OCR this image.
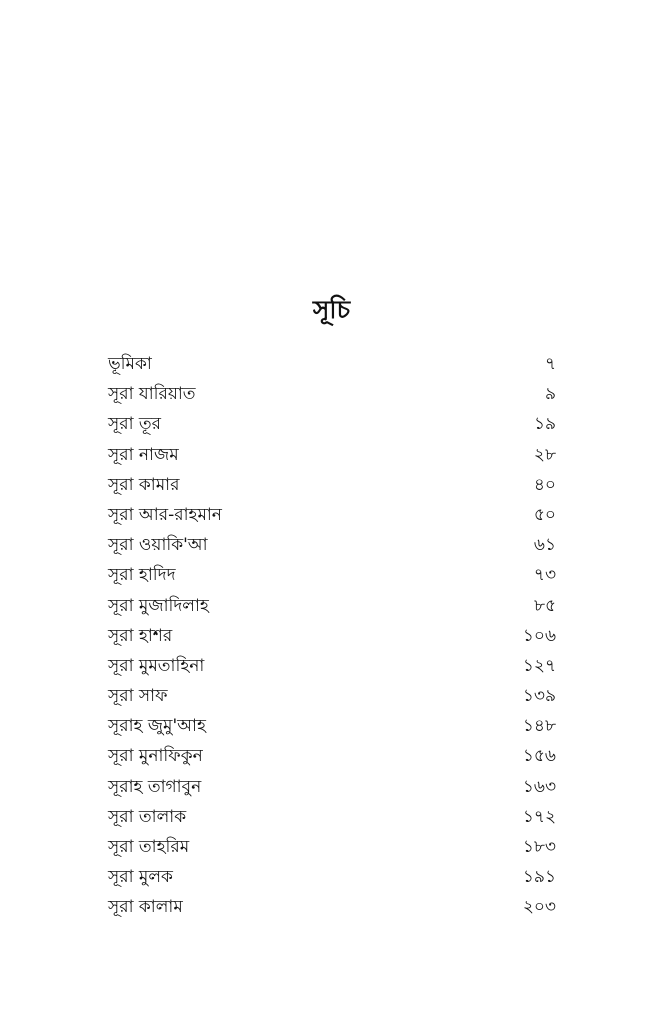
সূচি
ভূমিকা	৭
সূরা যারিয়াত	৯
সূরা তূর	১৯
সূরা নাজম	২৮
সূরা কামার	৪০
সূরা আর-রাহমান	৫০
সূরা ওয়াকি'আ	৬১
সূরা হাদিদ	৭৩
সূরা মুজাদিলাহ	৮৫
সূরা হাশর	১০৬
সূরা মুমতাহিনা	১২৭
সূরা সাফ	১৩৯
সূরাহ জুমু'আহ	১৪৮
সূরা মুনাফিকুন	১৫৬
সূরাহ তাগাবুন	১৬৩
সূরা তালাক	১৭২
সূরা তাহরিম	১৮৩
সূরা মুলক	১৯১
সূরা কালাম	২০৩
